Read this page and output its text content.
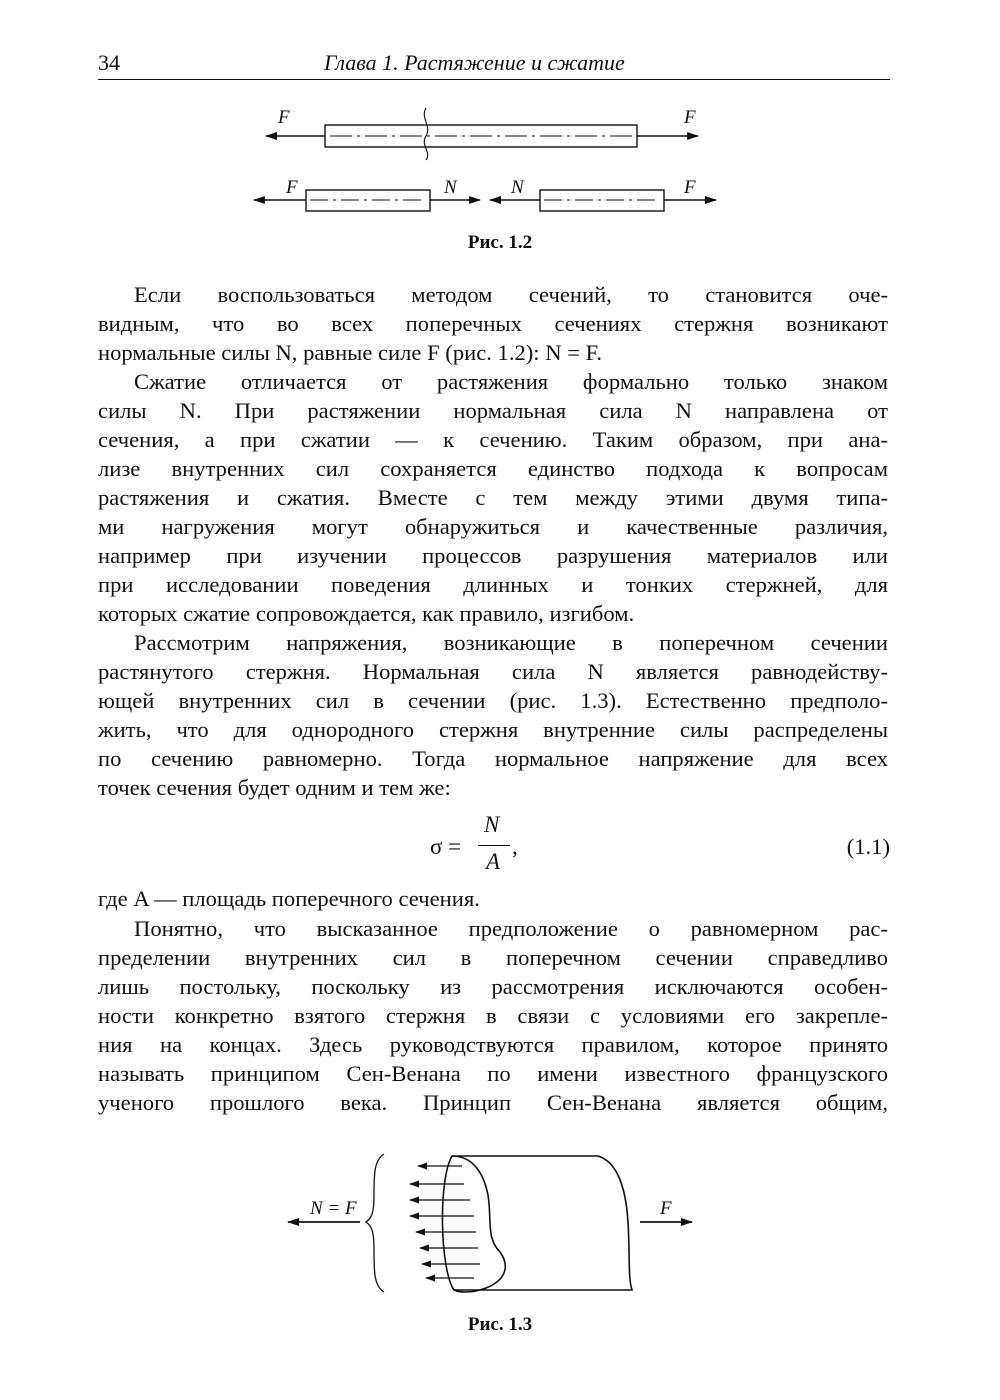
34	Глава 1. Растяжение и сжатие
F	F
F	N	N	F
Рис. 1.2
Если воспользоваться методом сечений, то становится оче-
видным, что во всех поперечных сечениях стержня возникают
нормальные силы N, равные силе F (рис. 1.2): N = F.
Сжатие отличается от растяжения формально только знаком
силы N. При растяжении нормальная сила N направлена от
сечения, а при сжатии — к сечению. Таким образом, при ана-
лизе внутренних сил сохраняется единство подхода к вопросам
растяжения и сжатия. Вместе с тем между этими двумя типа-
ми нагружения могут обнаружиться и качественные различия,
например при изучении процессов разрушения материалов или
при исследовании поведения длинных и тонких стержней, для
которых сжатие сопровождается, как правило, изгибом.
Рассмотрим напряжения, возникающие в поперечном сечении
растянутого стержня. Нормальная сила N является равнодейству-
ющей внутренних сил в сечении (рис. 1.3). Естественно предполо-
жить, что для однородного стержня внутренние силы распределены
по сечению равномерно. Тогда нормальное напряжение для всех
точек сечения будет одним и тем же:
σ =
N
A
,	(1.1)
где A — площадь поперечного сечения.
Понятно, что высказанное предположение о равномерном рас-
пределении внутренних сил в поперечном сечении справедливо
лишь постольку, поскольку из рассмотрения исключаются особен-
ности конкретно взятого стержня в связи с условиями его закрепле-
ния на концах. Здесь руководствуются правилом, которое принято
называть принципом Сен-Венана по имени известного французского
ученого прошлого века. Принцип Сен-Венана является общим,
N = F	F
Рис. 1.3
